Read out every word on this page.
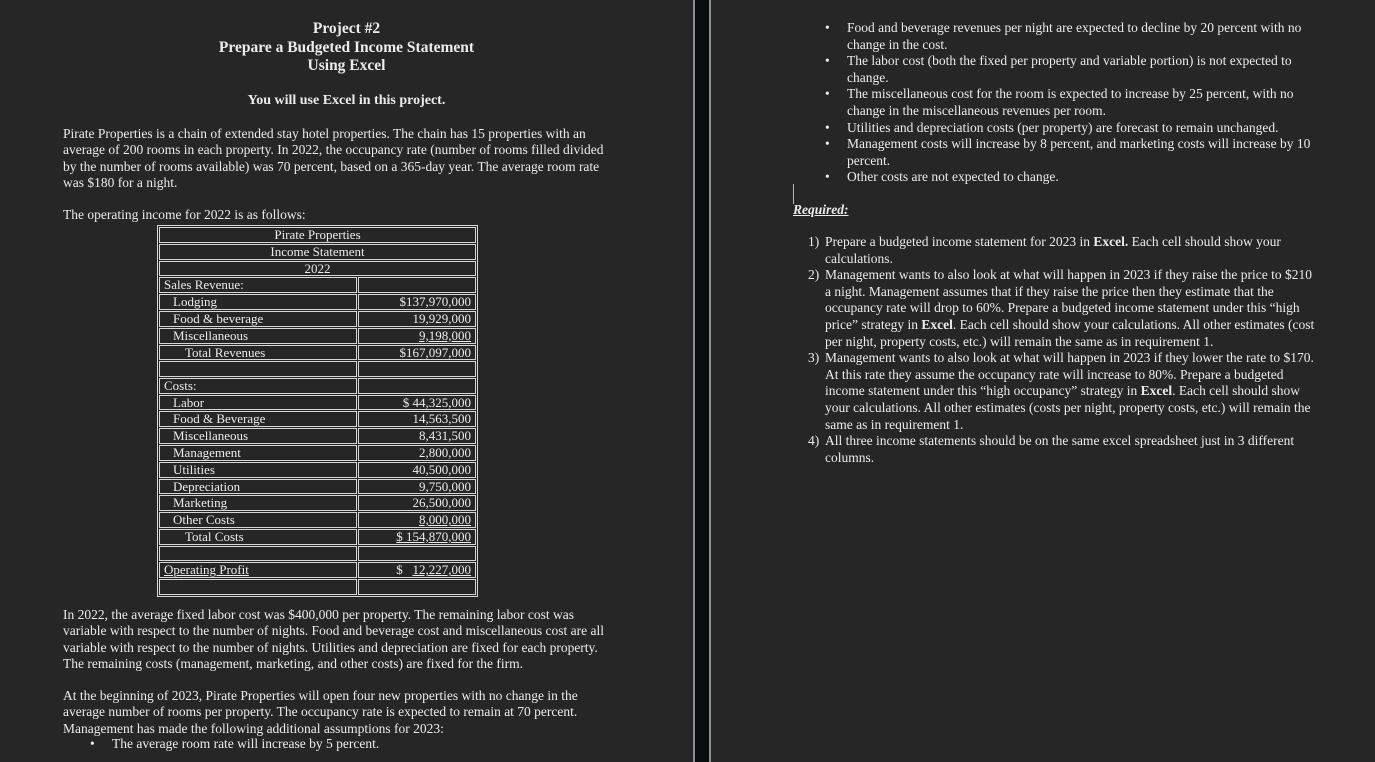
Project #2
Prepare a Budgeted Income Statement
Using Excel
You will use Excel in this project.
Pirate Properties is a chain of extended stay hotel properties. The chain has 15 properties with an average of 200 rooms in each property. In 2022, the occupancy rate (number of rooms filled divided by the number of rooms available) was 70 percent, based on a 365-day year. The average room rate was $180 for a night.
The operating income for 2022 is as follows:
Pirate Properties	
Income Statement	
2022	
Sales Revenue:	
Lodging	$137,970,000
Food & beverage	19,929,000
Miscellaneous	9,198,000
Total Revenues	$167,097,000

Costs:	
Labor	$ 44,325,000
Food & Beverage	14,563,500
Miscellaneous	8,431,500
Management	2,800,000
Utilities	40,500,000
Depreciation	9,750,000
Marketing	26,500,000
Other Costs	8,000,000
Total Costs	$ 154,870,000

Operating Profit	$   12,227,000

In 2022, the average fixed labor cost was $400,000 per property. The remaining labor cost was variable with respect to the number of nights. Food and beverage cost and miscellaneous cost are all variable with respect to the number of nights. Utilities and depreciation are fixed for each property. The remaining costs (management, marketing, and other costs) are fixed for the firm.
At the beginning of 2023, Pirate Properties will open four new properties with no change in the average number of rooms per property. The occupancy rate is expected to remain at 70 percent. Management has made the following additional assumptions for 2023:
•	The average room rate will increase by 5 percent.
•	Food and beverage revenues per night are expected to decline by 20 percent with no change in the cost.
•	The labor cost (both the fixed per property and variable portion) is not expected to change.
•	The miscellaneous cost for the room is expected to increase by 25 percent, with no change in the miscellaneous revenues per room.
•	Utilities and depreciation costs (per property) are forecast to remain unchanged.
•	Management costs will increase by 8 percent, and marketing costs will increase by 10 percent.
•	Other costs are not expected to change.
Required:
1) Prepare a budgeted income statement for 2023 in Excel. Each cell should show your calculations.
2) Management wants to also look at what will happen in 2023 if they raise the price to $210 a night. Management assumes that if they raise the price then they estimate that the occupancy rate will drop to 60%. Prepare a budgeted income statement under this “high price” strategy in Excel. Each cell should show your calculations. All other estimates (cost per night, property costs, etc.) will remain the same as in requirement 1.
3) Management wants to also look at what will happen in 2023 if they lower the rate to $170. At this rate they assume the occupancy rate will increase to 80%. Prepare a budgeted income statement under this “high occupancy” strategy in Excel. Each cell should show your calculations. All other estimates (costs per night, property costs, etc.) will remain the same as in requirement 1.
4) All three income statements should be on the same excel spreadsheet just in 3 different columns.
